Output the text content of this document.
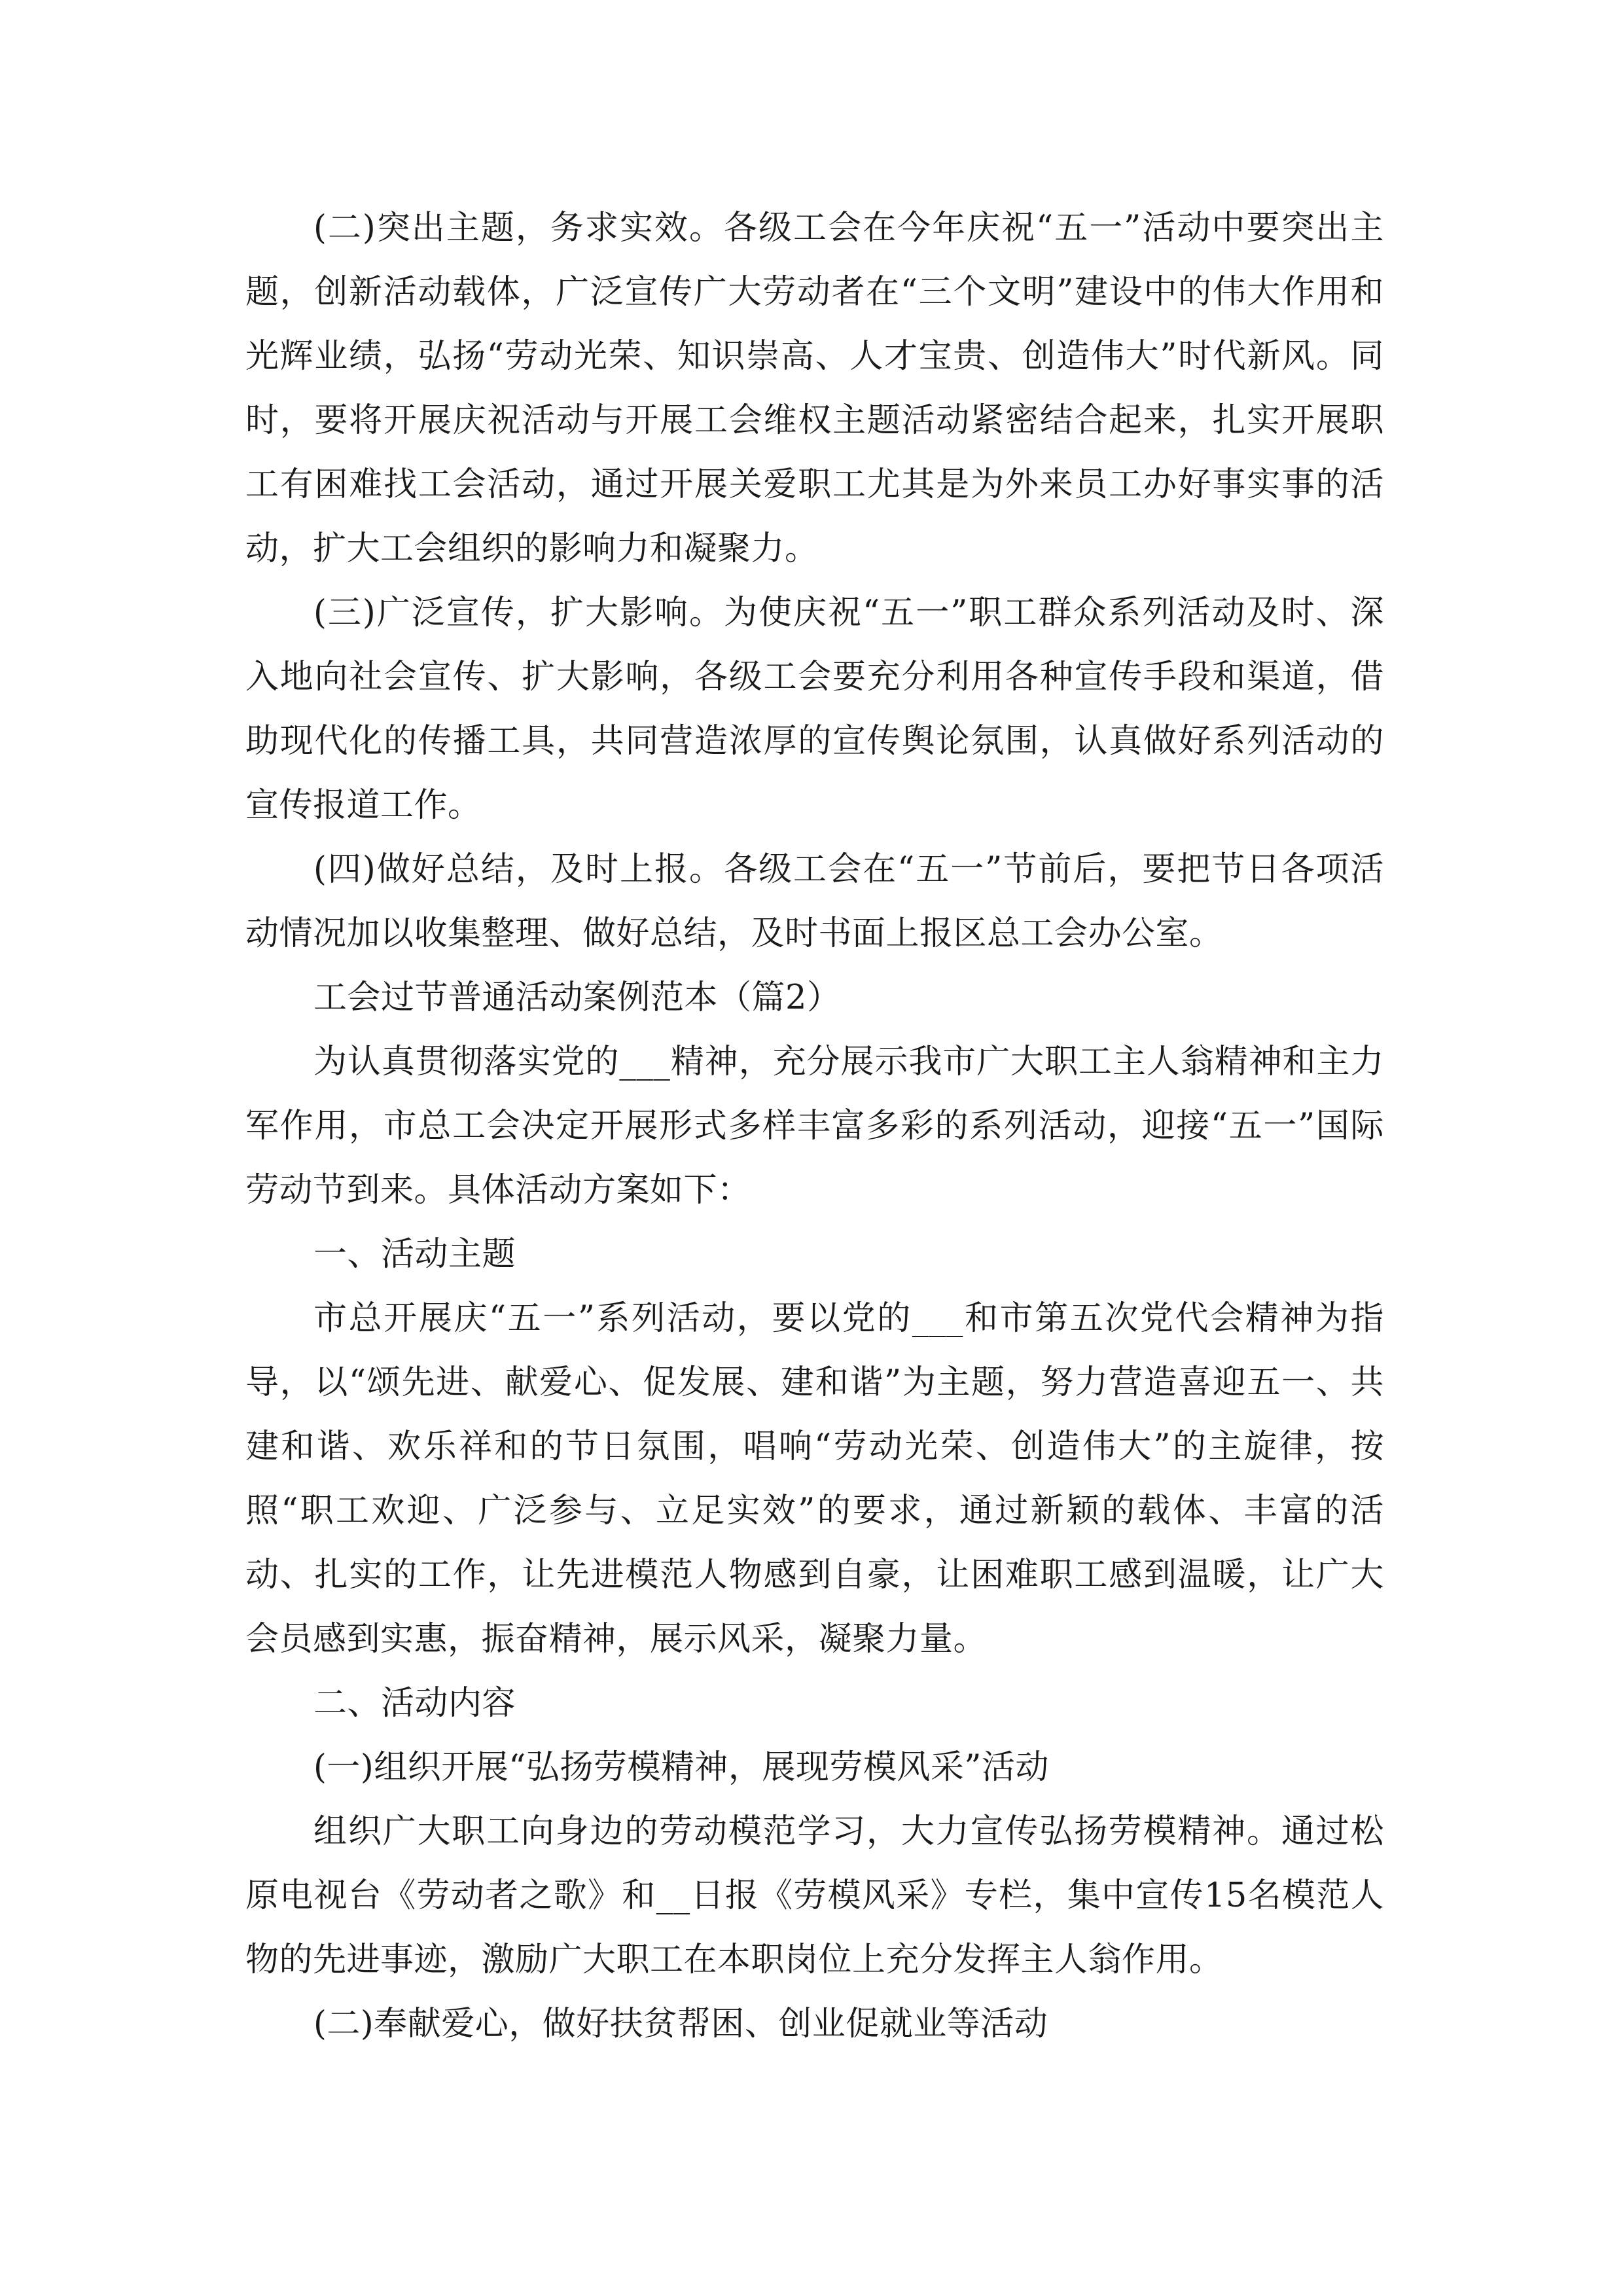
(二)突出主题，务求实效。各级工会在今年庆祝“五一”活动中要突出主题，创新活动载体，广泛宣传广大劳动者在“三个文明”建设中的伟大作用和光辉业绩，弘扬“劳动光荣、知识崇高、人才宝贵、创造伟大”时代新风。同时，要将开展庆祝活动与开展工会维权主题活动紧密结合起来，扎实开展职工有困难找工会活动，通过开展关爱职工尤其是为外来员工办好事实事的活动，扩大工会组织的影响力和凝聚力。

(三)广泛宣传，扩大影响。为使庆祝“五一”职工群众系列活动及时、深入地向社会宣传、扩大影响，各级工会要充分利用各种宣传手段和渠道，借助现代化的传播工具，共同营造浓厚的宣传舆论氛围，认真做好系列活动的宣传报道工作。

(四)做好总结，及时上报。各级工会在“五一”节前后，要把节日各项活动情况加以收集整理、做好总结，及时书面上报区总工会办公室。

工会过节普通活动案例范本（篇2）

为认真贯彻落实党的___精神，充分展示我市广大职工主人翁精神和主力军作用，市总工会决定开展形式多样丰富多彩的系列活动，迎接“五一”国际劳动节到来。具体活动方案如下：

一、活动主题

市总开展庆“五一”系列活动，要以党的___和市第五次党代会精神为指导，以“颂先进、献爱心、促发展、建和谐”为主题，努力营造喜迎五一、共建和谐、欢乐祥和的节日氛围，唱响“劳动光荣、创造伟大”的主旋律，按照“职工欢迎、广泛参与、立足实效”的要求，通过新颖的载体、丰富的活动、扎实的工作，让先进模范人物感到自豪，让困难职工感到温暖，让广大会员感到实惠，振奋精神，展示风采，凝聚力量。

二、活动内容

(一)组织开展“弘扬劳模精神，展现劳模风采”活动

组织广大职工向身边的劳动模范学习，大力宣传弘扬劳模精神。通过松原电视台《劳动者之歌》和__日报《劳模风采》专栏，集中宣传15名模范人物的先进事迹，激励广大职工在本职岗位上充分发挥主人翁作用。

(二)奉献爱心，做好扶贫帮困、创业促就业等活动
